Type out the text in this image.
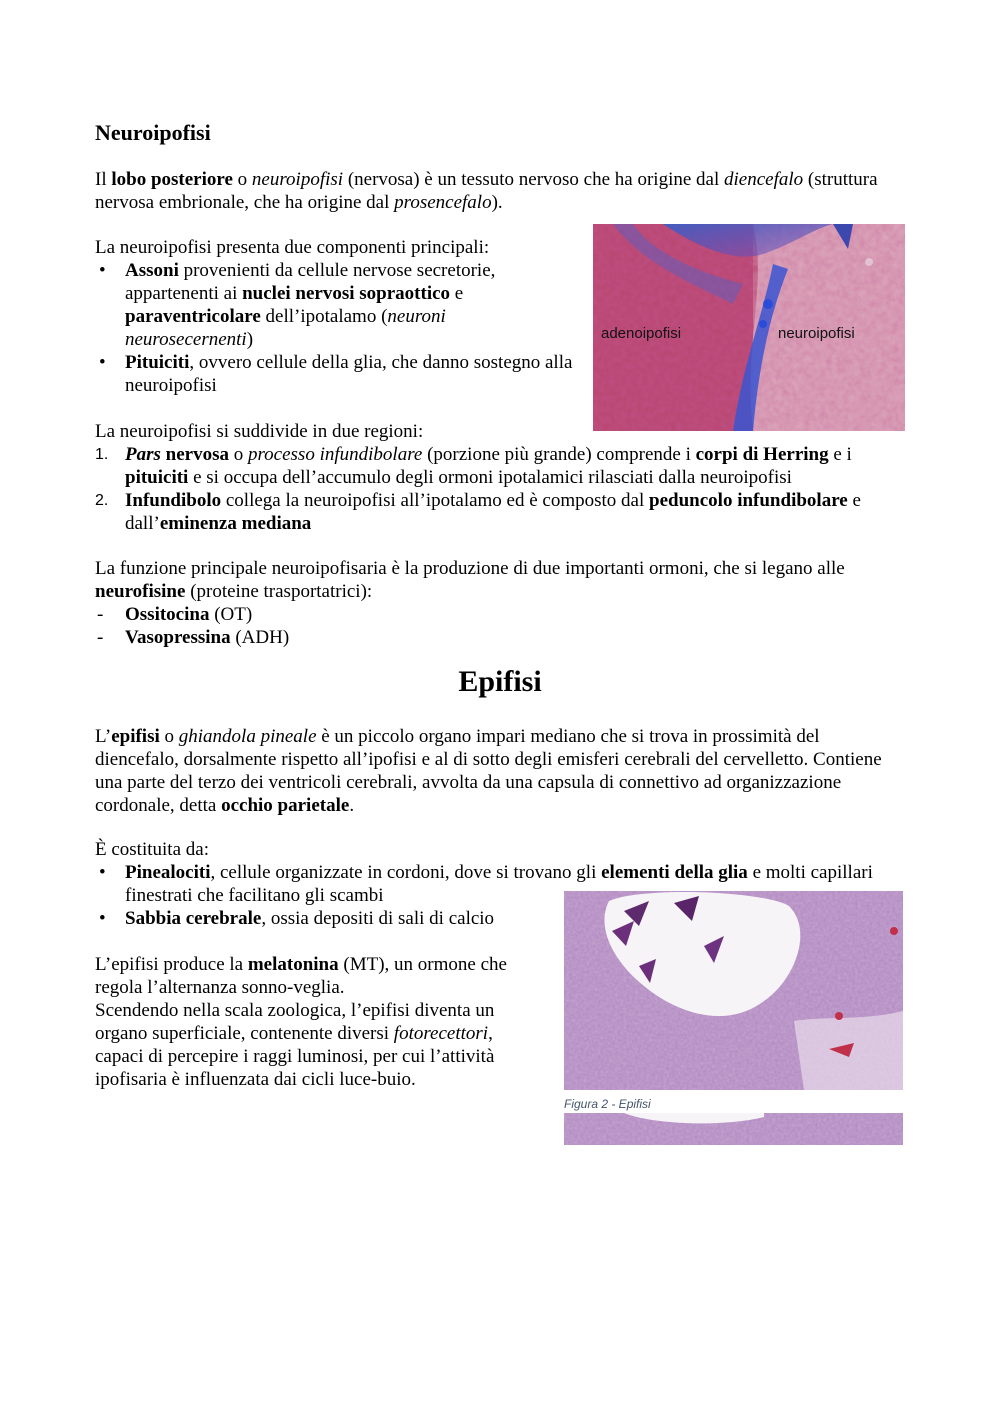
Neuroipofisi

Il lobo posteriore o neuroipofisi (nervosa) è un tessuto nervoso che ha origine dal diencefalo (struttura nervosa embrionale, che ha origine dal prosencefalo).

La neuroipofisi presenta due componenti principali:

• Assoni provenienti da cellule nervose secretorie, appartenenti ai nuclei nervosi sopraottico e paraventricolare dell’ipotalamo (neuroni neurosecernenti)
• Pituiciti, ovvero cellule della glia, che danno sostegno alla neuroipofisi
adenoipofisi	neuroipofisi

La neuroipofisi si suddivide in due regioni:

1. Pars nervosa o processo infundibolare (porzione più grande) comprende i corpi di Herring e i pituiciti e si occupa dell’accumulo degli ormoni ipotalamici rilasciati dalla neuroipofisi
2. Infundibolo collega la neuroipofisi all’ipotalamo ed è composto dal peduncolo infundibolare e dall’eminenza mediana

La funzione principale neuroipofisaria è la produzione di due importanti ormoni, che si legano alle neurofisine (proteine trasportatrici):

- Ossitocina (OT)
- Vasopressina (ADH)
Epifisi

L’epifisi o ghiandola pineale è un piccolo organo impari mediano che si trova in prossimità del diencefalo, dorsalmente rispetto all’ipofisi e al di sotto degli emisferi cerebrali del cervelletto. Contiene una parte del terzo dei ventricoli cerebrali, avvolta da una capsula di connettivo ad organizzazione cordonale, detta occhio parietale.

È costituita da:

• Pinealociti, cellule organizzate in cordoni, dove si trovano gli elementi della glia e molti capillari finestrati che facilitano gli scambi
• Sabbia cerebrale, ossia depositi di sali di calcio

L’epifisi produce la melatonina (MT), un ormone che regola l’alternanza sonno-veglia.
Scendendo nella scala zoologica, l’epifisi diventa un organo superficiale, contenente diversi fotorecettori, capaci di percepire i raggi luminosi, per cui l’attività ipofisaria è influenzata dai cicli luce-buio.

Figura 2 - Epifisi
